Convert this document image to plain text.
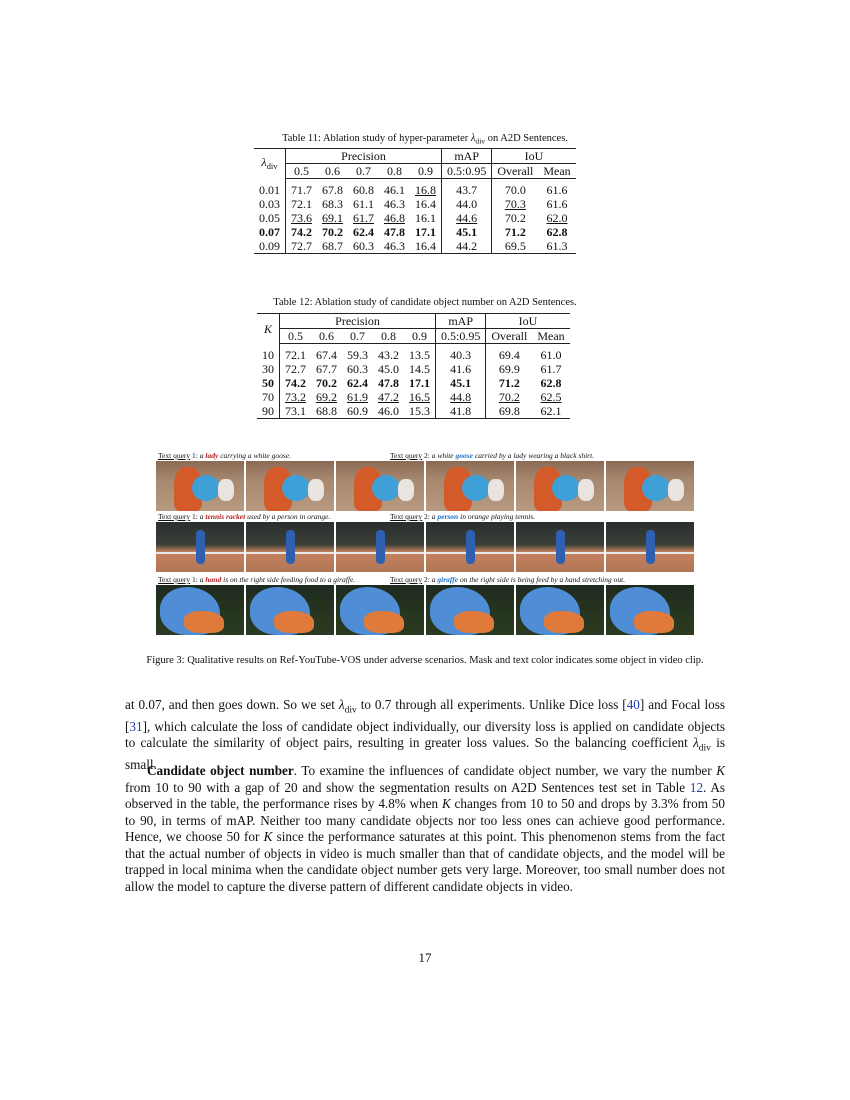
Table 11: Ablation study of hyper-parameter $\lambda_{div}$ on A2D Sentences.
$\lambda_{div}$	Precision					mAP	IoU	
	0.5	0.6	0.7	0.8	0.9	0.5:0.95	Overall	Mean
0.01	71.7	67.8	60.8	46.1	16.8	43.7	70.0	61.6
0.03	72.1	68.3	61.1	46.3	16.4	44.0	70.3	61.6
0.05	73.6	69.1	61.7	46.8	16.1	44.6	70.2	62.0
0.07	74.2	70.2	62.4	47.8	17.1	45.1	71.2	62.8
0.09	72.7	68.7	60.3	46.3	16.4	44.2	69.5	61.3
Table 12: Ablation study of candidate object number on A2D Sentences.
K	Precision					mAP	IoU	
	0.5	0.6	0.7	0.8	0.9	0.5:0.95	Overall	Mean
10	72.1	67.4	59.3	43.2	13.5	40.3	69.4	61.0
30	72.7	67.7	60.3	45.0	14.5	41.6	69.9	61.7
50	74.2	70.2	62.4	47.8	17.1	45.1	71.2	62.8
70	73.2	69.2	61.9	47.2	16.5	44.8	70.2	62.5
90	73.1	68.8	60.9	46.0	15.3	41.8	69.8	62.1
Text query 1: a lady carrying a white goose.	Text query 2: a white goose carried by a lady wearing a black shirt.
Text query 1: a tennis racket used by a person in orange.	Text query 2: a person in orange playing tennis.
Text query 1: a hand is on the right side feeding food to a giraffe.	Text query 2: a giraffe on the right side is being feed by a hand stretching out.
Figure 3: Qualitative results on Ref-YouTube-VOS under adverse scenarios. Mask and text color indicates some object in video clip.
at 0.07, and then goes down. So we set $\lambda_{div}$ to 0.7 through all experiments. Unlike Dice loss [40] and Focal loss [31], which calculate the loss of candidate object individually, our diversity loss is applied on candidate objects to calculate the similarity of object pairs, resulting in greater loss values. So the balancing coefficient $\lambda_{div}$ is small.
Candidate object number. To examine the influences of candidate object number, we vary the number K from 10 to 90 with a gap of 20 and show the segmentation results on A2D Sentences test set in Table 12. As observed in the table, the performance rises by 4.8% when K changes from 10 to 50 and drops by 3.3% from 50 to 90, in terms of mAP. Neither too many candidate objects nor too less ones can achieve good performance. Hence, we choose 50 for K since the performance saturates at this point. This phenomenon stems from the fact that the actual number of objects in video is much smaller than that of candidate objects, and the model will be trapped in local minima when the candidate object number gets very large. Moreover, too small number does not allow the model to capture the diverse pattern of different candidate objects in video.
17
